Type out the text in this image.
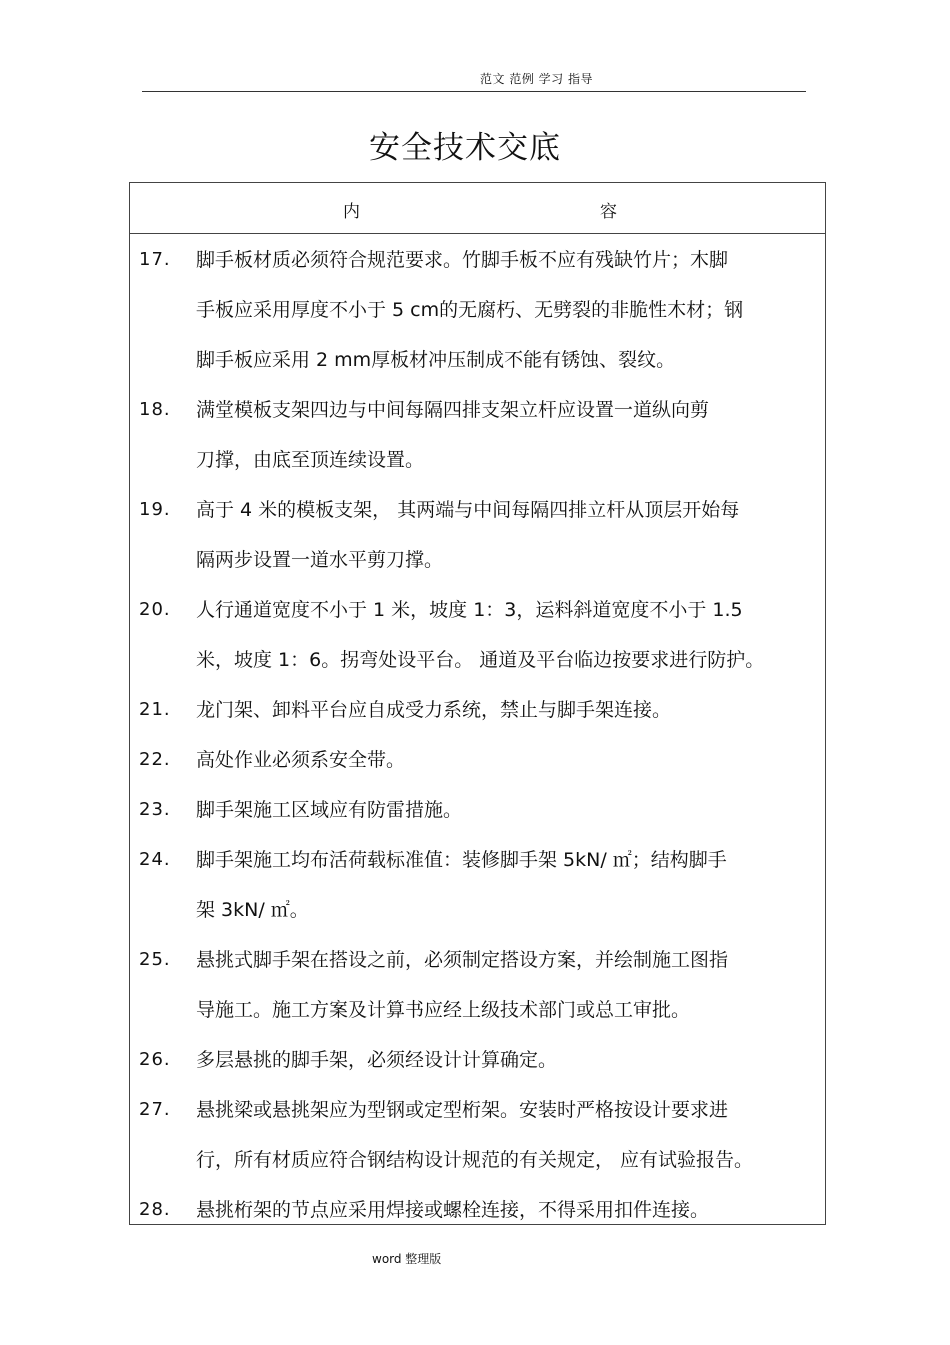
范文 范例 学习 指导
安全技术交底
内	容
17.	脚手板材质必须符合规范要求。竹脚手板不应有残缺竹片；木脚
手板应采用厚度不小于 5 cm的无腐朽、无劈裂的非脆性木材；钢
脚手板应采用 2 mm厚板材冲压制成不能有锈蚀、裂纹。
18.	满堂模板支架四边与中间每隔四排支架立杆应设置一道纵向剪
刀撑，由底至顶连续设置。
19.	高于 4 米的模板支架， 其两端与中间每隔四排立杆从顶层开始每
隔两步设置一道水平剪刀撑。
20.	人行通道宽度不小于 1 米，坡度 1：3，运料斜道宽度不小于 1.5
米，坡度 1：6。拐弯处设平台。 通道及平台临边按要求进行防护。
21.	龙门架、卸料平台应自成受力系统，禁止与脚手架连接。
22.	高处作业必须系安全带。
23.	脚手架施工区域应有防雷措施。
24.	脚手架施工均布活荷载标准值：装修脚手架 5kN/ ㎡；结构脚手
架 3kN/ ㎡。
25.	悬挑式脚手架在搭设之前，必须制定搭设方案，并绘制施工图指
导施工。施工方案及计算书应经上级技术部门或总工审批。
26.	多层悬挑的脚手架，必须经设计计算确定。
27.	悬挑梁或悬挑架应为型钢或定型桁架。安装时严格按设计要求进
行，所有材质应符合钢结构设计规范的有关规定， 应有试验报告。
28.	悬挑桁架的节点应采用焊接或螺栓连接，不得采用扣件连接。
word 整理版
